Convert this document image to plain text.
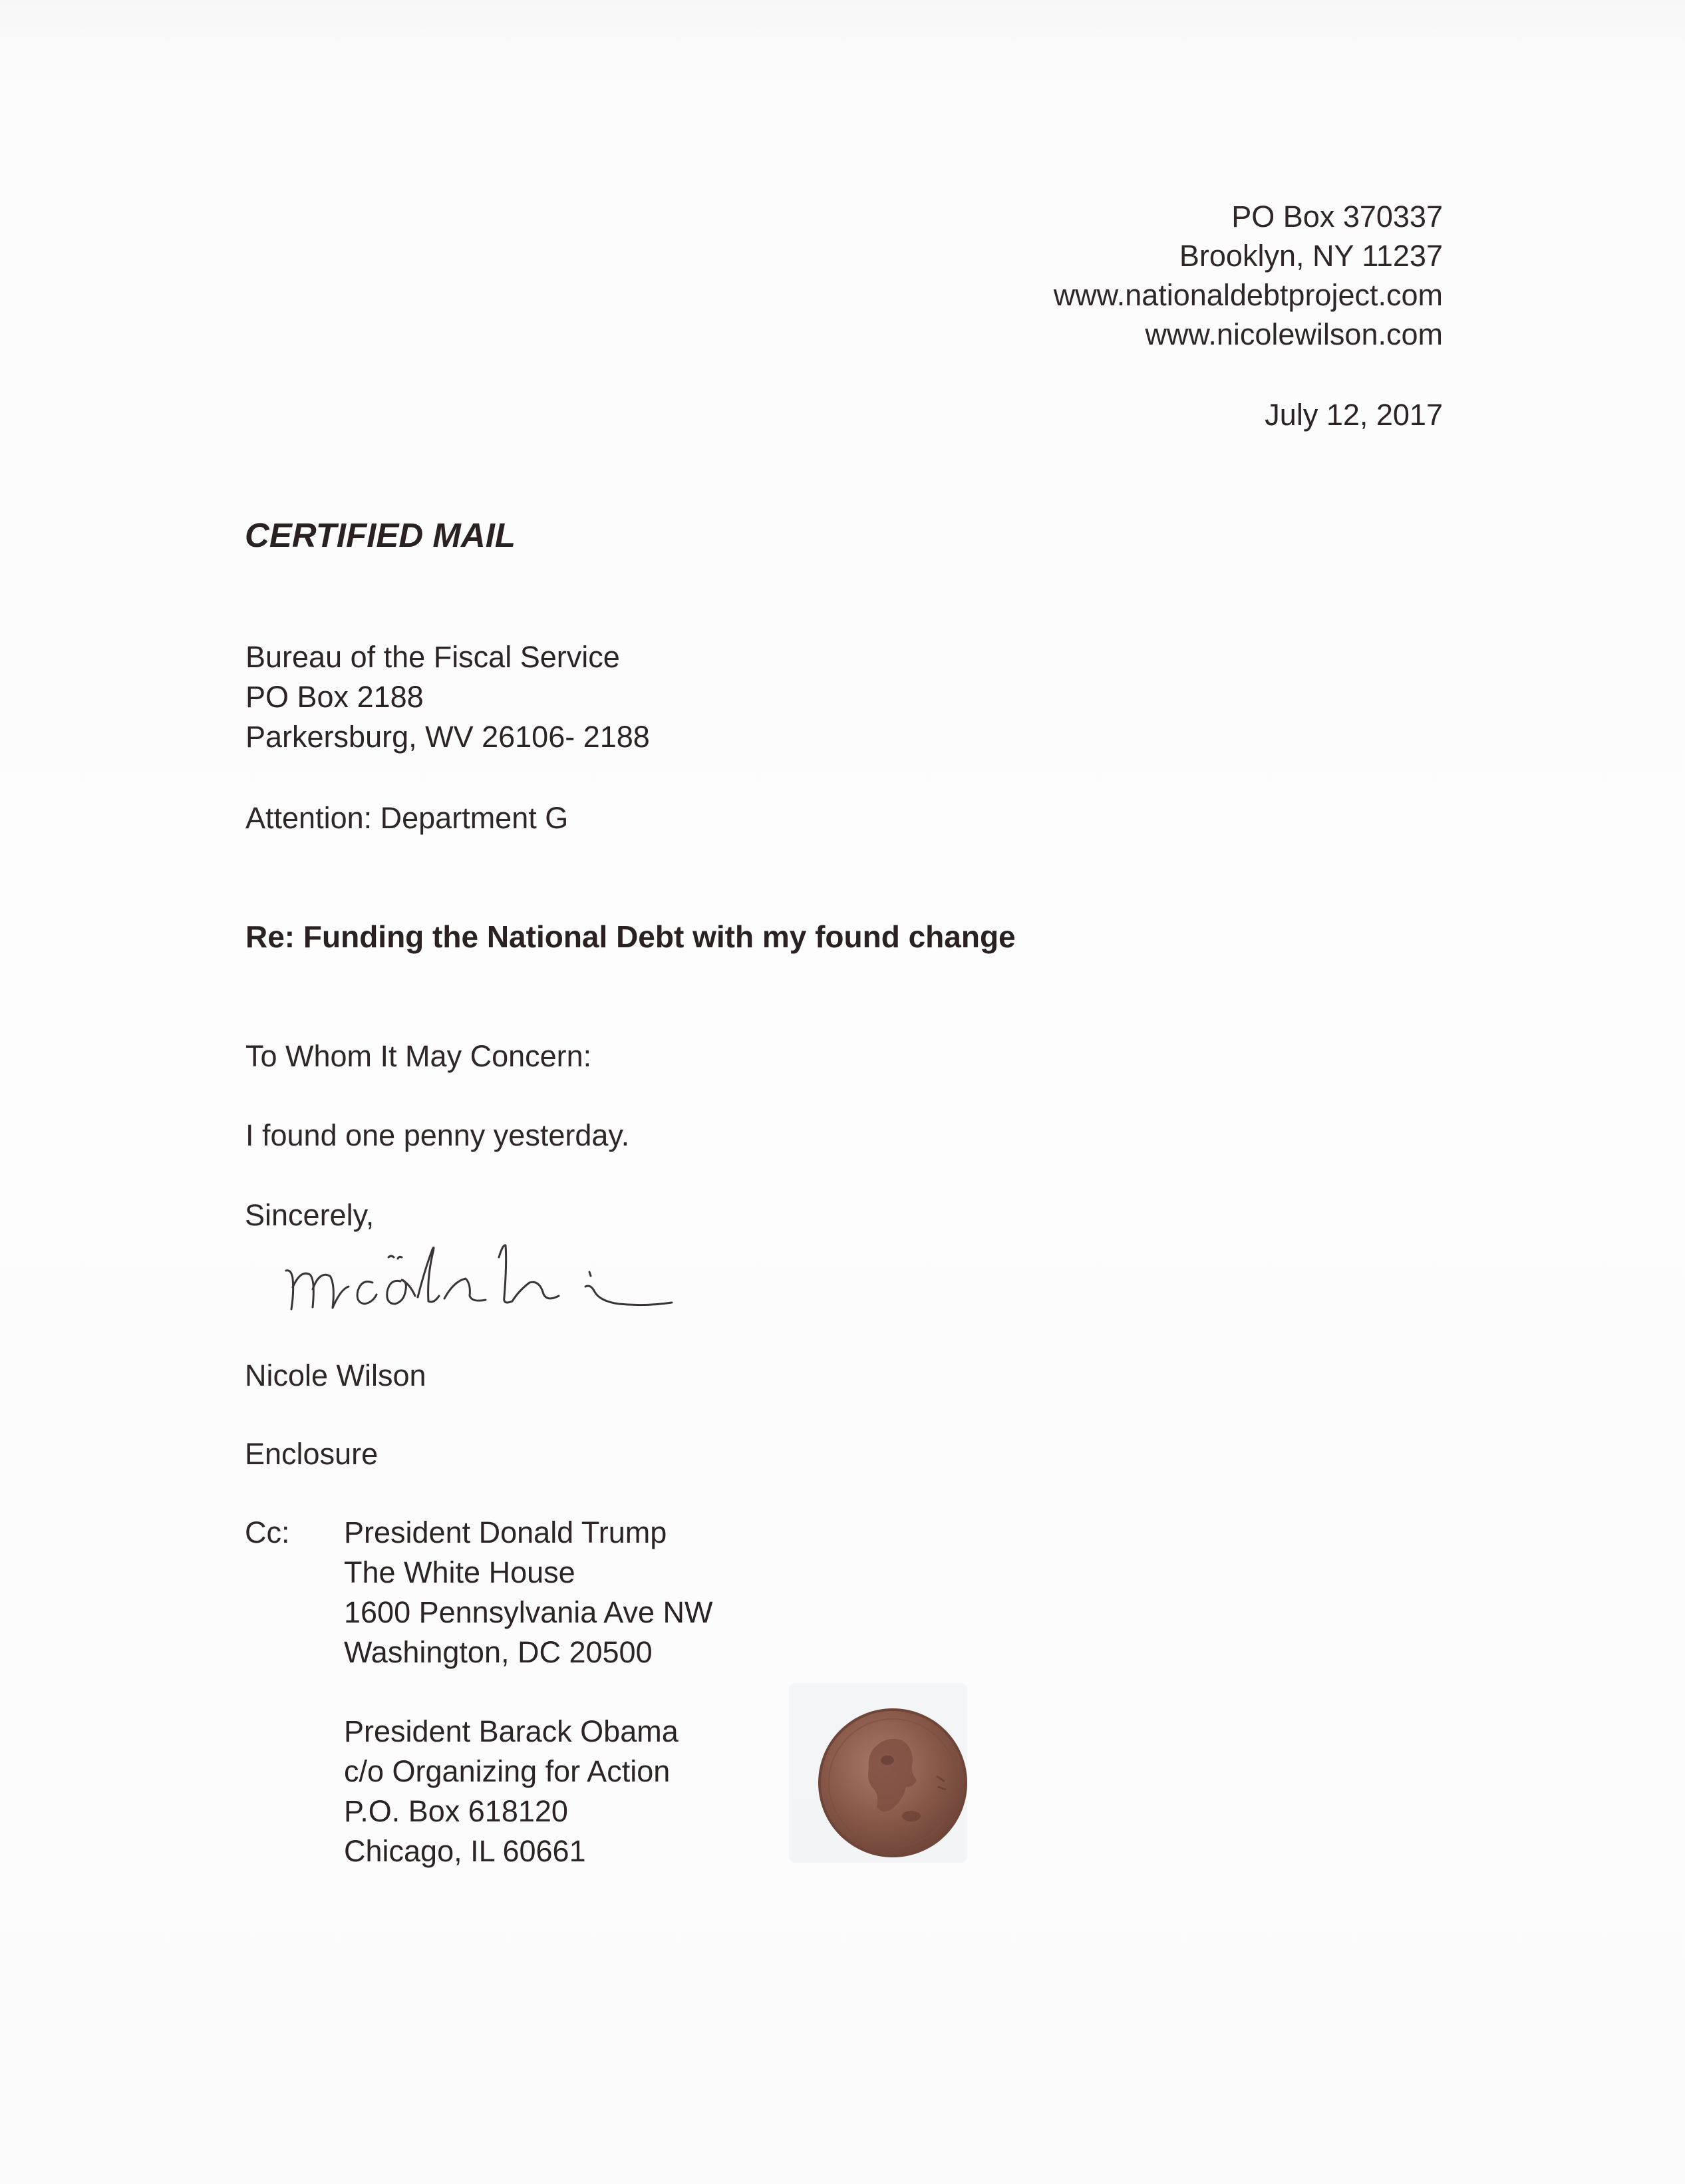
PO Box 370337
Brooklyn, NY 11237
www.nationaldebtproject.com
www.nicolewilson.com
July 12, 2017
CERTIFIED MAIL
Bureau of the Fiscal Service
PO Box 2188
Parkersburg, WV 26106- 2188
Attention: Department G
Re: Funding the National Debt with my found change
To Whom It May Concern:
I found one penny yesterday.
Sincerely,
Nicole Wilson
Enclosure
Cc: President Donald Trump
The White House
1600 Pennsylvania Ave NW
Washington, DC 20500
President Barack Obama
c/o Organizing for Action
P.O. Box 618120
Chicago, IL 60661
